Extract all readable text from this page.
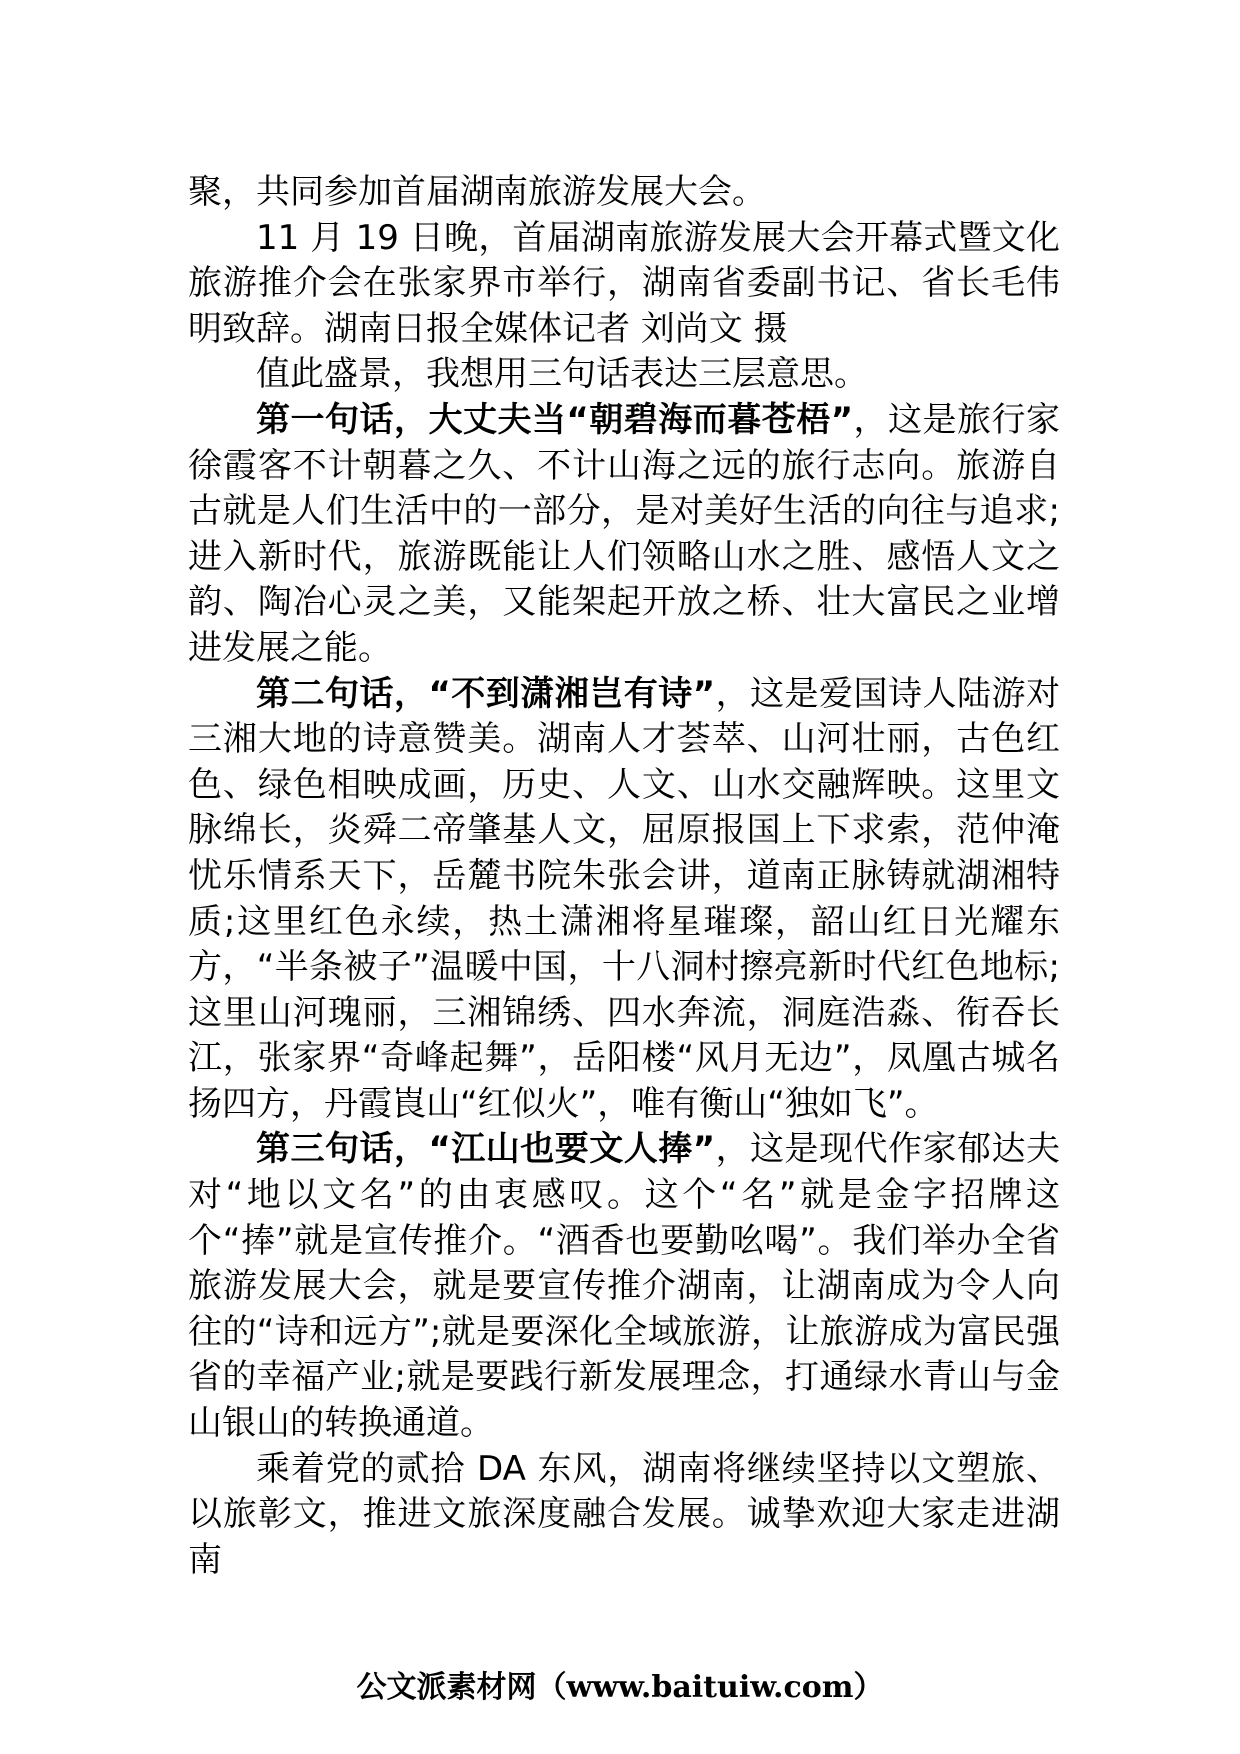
聚，共同参加首届湖南旅游发展大会。

11 月 19 日晚，首届湖南旅游发展大会开幕式暨文化旅游推介会在张家界市举行，湖南省委副书记、省长毛伟明致辞。湖南日报全媒体记者 刘尚文 摄

值此盛景，我想用三句话表达三层意思。

第一句话，大丈夫当“朝碧海而暮苍梧”，这是旅行家徐霞客不计朝暮之久、不计山海之远的旅行志向。旅游自古就是人们生活中的一部分，是对美好生活的向往与追求;进入新时代，旅游既能让人们领略山水之胜、感悟人文之韵、陶冶心灵之美，又能架起开放之桥、壮大富民之业增进发展之能。

第二句话，“不到潇湘岂有诗”，这是爱国诗人陆游对三湘大地的诗意赞美。湖南人才荟萃、山河壮丽，古色红色、绿色相映成画，历史、人文、山水交融辉映。这里文脉绵长，炎舜二帝肇基人文，屈原报国上下求索，范仲淹忧乐情系天下，岳麓书院朱张会讲，道南正脉铸就湖湘特质;这里红色永续，热土潇湘将星璀璨，韶山红日光耀东方，“半条被子”温暖中国，十八洞村擦亮新时代红色地标;这里山河瑰丽，三湘锦绣、四水奔流，洞庭浩淼、衔吞长江，张家界“奇峰起舞”，岳阳楼“风月无边”，凤凰古城名扬四方，丹霞崀山“红似火”，唯有衡山“独如飞”。

第三句话，“江山也要文人捧”，这是现代作家郁达夫对“地以文名”的由衷感叹。这个“名”就是金字招牌这个“捧”就是宣传推介。“酒香也要勤吆喝”。我们举办全省旅游发展大会，就是要宣传推介湖南，让湖南成为令人向往的“诗和远方”;就是要深化全域旅游，让旅游成为富民强省的幸福产业;就是要践行新发展理念，打通绿水青山与金山银山的转换通道。

乘着党的贰拾 DA 东风，湖南将继续坚持以文塑旅、以旅彰文，推进文旅深度融合发展。诚挚欢迎大家走进湖南

公文派素材网（www.baituiw.com）
